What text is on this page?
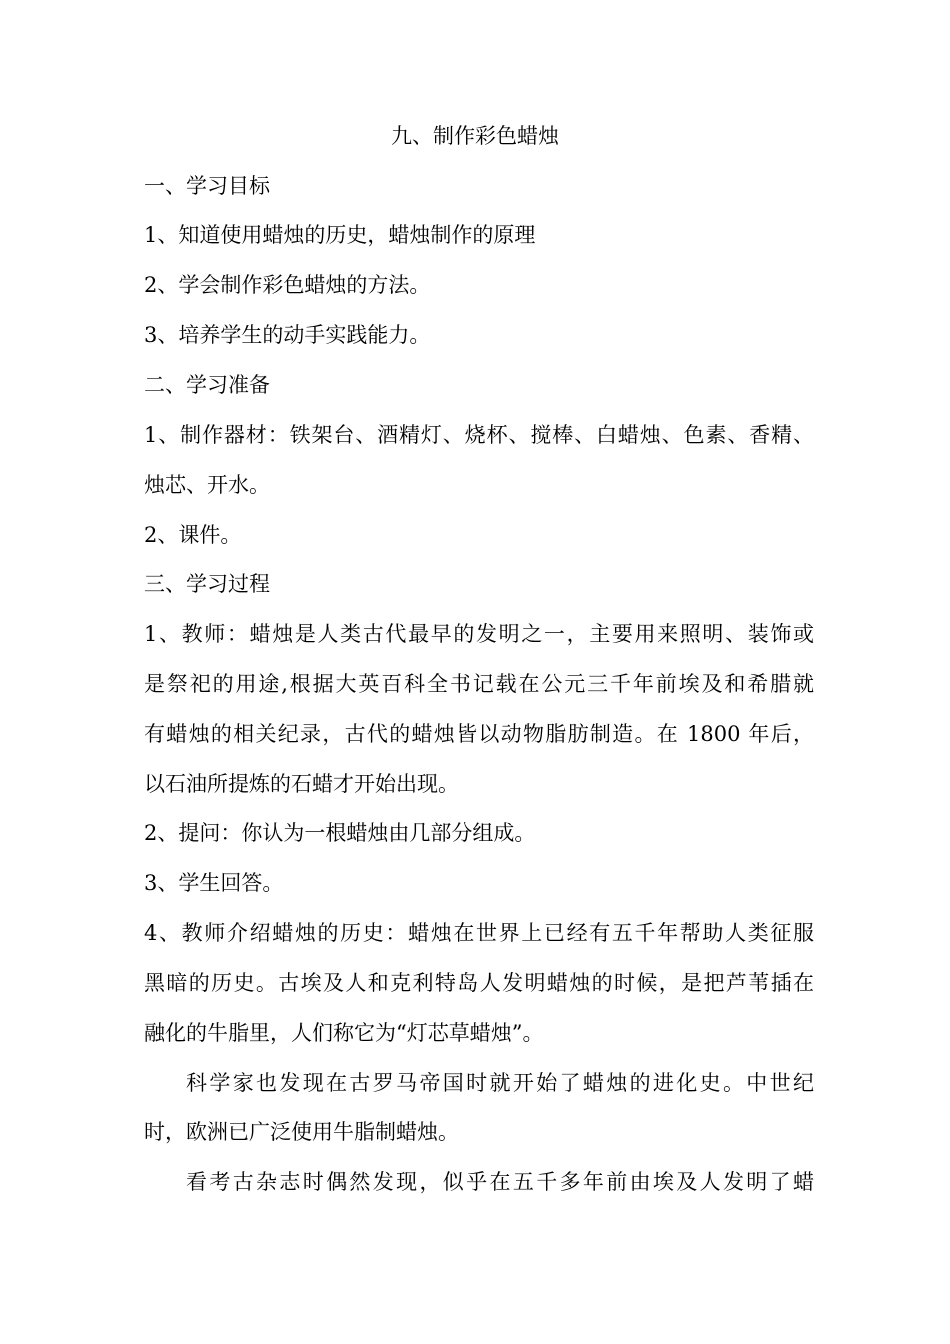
九、制作彩色蜡烛
一、学习目标
1、知道使用蜡烛的历史，蜡烛制作的原理
2、学会制作彩色蜡烛的方法。
3、培养学生的动手实践能力。
二、学习准备
1、制作器材：铁架台、酒精灯、烧杯、搅棒、白蜡烛、色素、香精、
烛芯、开水。
2、课件。
三、学习过程
1、教师：蜡烛是人类古代最早的发明之一，主要用来照明、装饰或
是祭祀的用途,根据大英百科全书记载在公元三千年前埃及和希腊就
有蜡烛的相关纪录，古代的蜡烛皆以动物脂肪制造。在 1800 年后，
以石油所提炼的石蜡才开始出现。
2、提问：你认为一根蜡烛由几部分组成。
3、学生回答。
4、教师介绍蜡烛的历史：蜡烛在世界上已经有五千年帮助人类征服
黑暗的历史。古埃及人和克利特岛人发明蜡烛的时候，是把芦苇插在
融化的牛脂里，人们称它为“灯芯草蜡烛”。
科学家也发现在古罗马帝国时就开始了蜡烛的进化史。中世纪
时，欧洲已广泛使用牛脂制蜡烛。
看考古杂志时偶然发现，似乎在五千多年前由埃及人发明了蜡
